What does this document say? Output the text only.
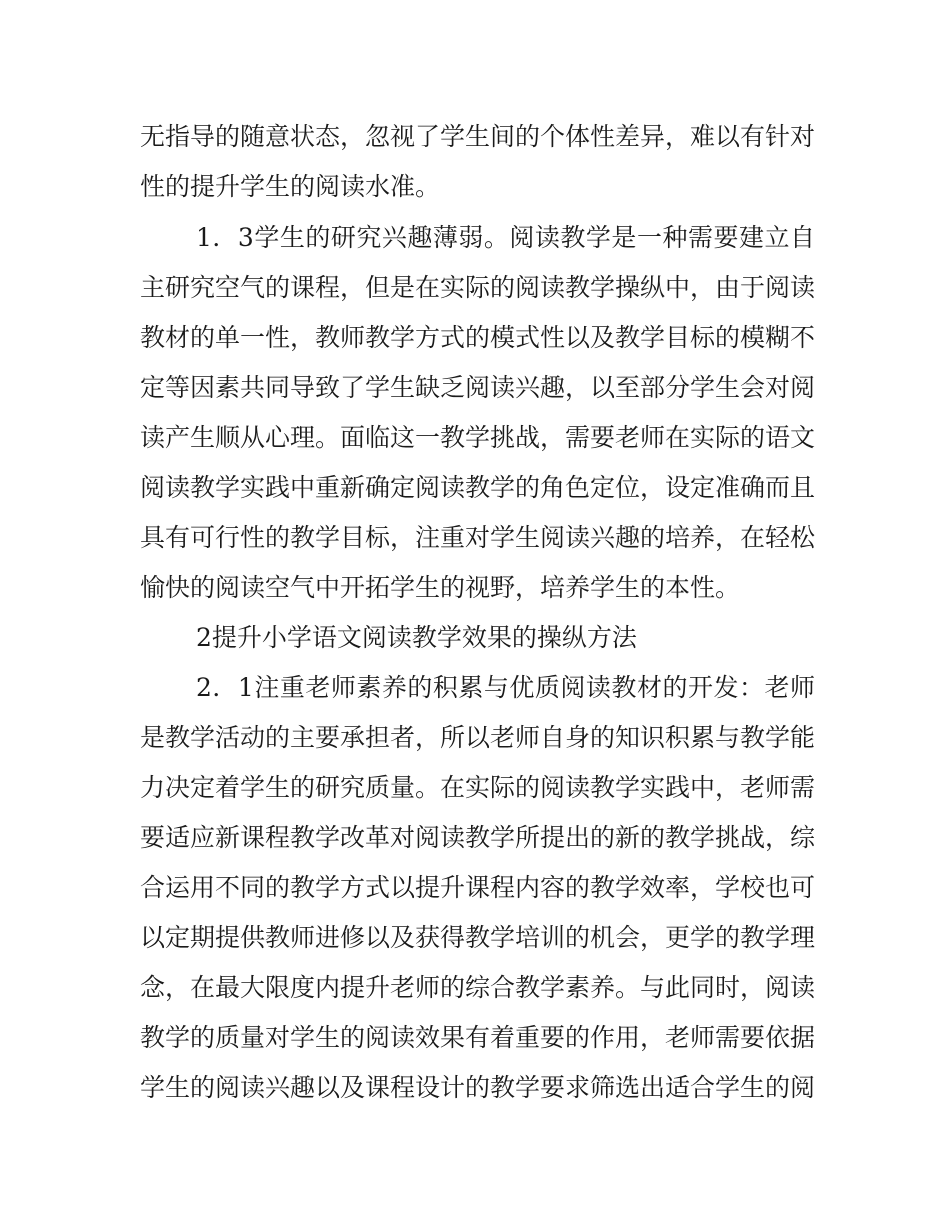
无指导的随意状态，忽视了学生间的个体性差异，难以有针对
性的提升学生的阅读水准。
1．3学生的研究兴趣薄弱。阅读教学是一种需要建立自
主研究空气的课程，但是在实际的阅读教学操纵中，由于阅读
教材的单一性，教师教学方式的模式性以及教学目标的模糊不
定等因素共同导致了学生缺乏阅读兴趣，以至部分学生会对阅
读产生顺从心理。面临这一教学挑战，需要老师在实际的语文
阅读教学实践中重新确定阅读教学的角色定位，设定准确而且
具有可行性的教学目标，注重对学生阅读兴趣的培养，在轻松
愉快的阅读空气中开拓学生的视野，培养学生的本性。
2提升小学语文阅读教学效果的操纵方法
2．1注重老师素养的积累与优质阅读教材的开发：老师
是教学活动的主要承担者，所以老师自身的知识积累与教学能
力决定着学生的研究质量。在实际的阅读教学实践中，老师需
要适应新课程教学改革对阅读教学所提出的新的教学挑战，综
合运用不同的教学方式以提升课程内容的教学效率，学校也可
以定期提供教师进修以及获得教学培训的机会，更学的教学理
念，在最大限度内提升老师的综合教学素养。与此同时，阅读
教学的质量对学生的阅读效果有着重要的作用，老师需要依据
学生的阅读兴趣以及课程设计的教学要求筛选出适合学生的阅
